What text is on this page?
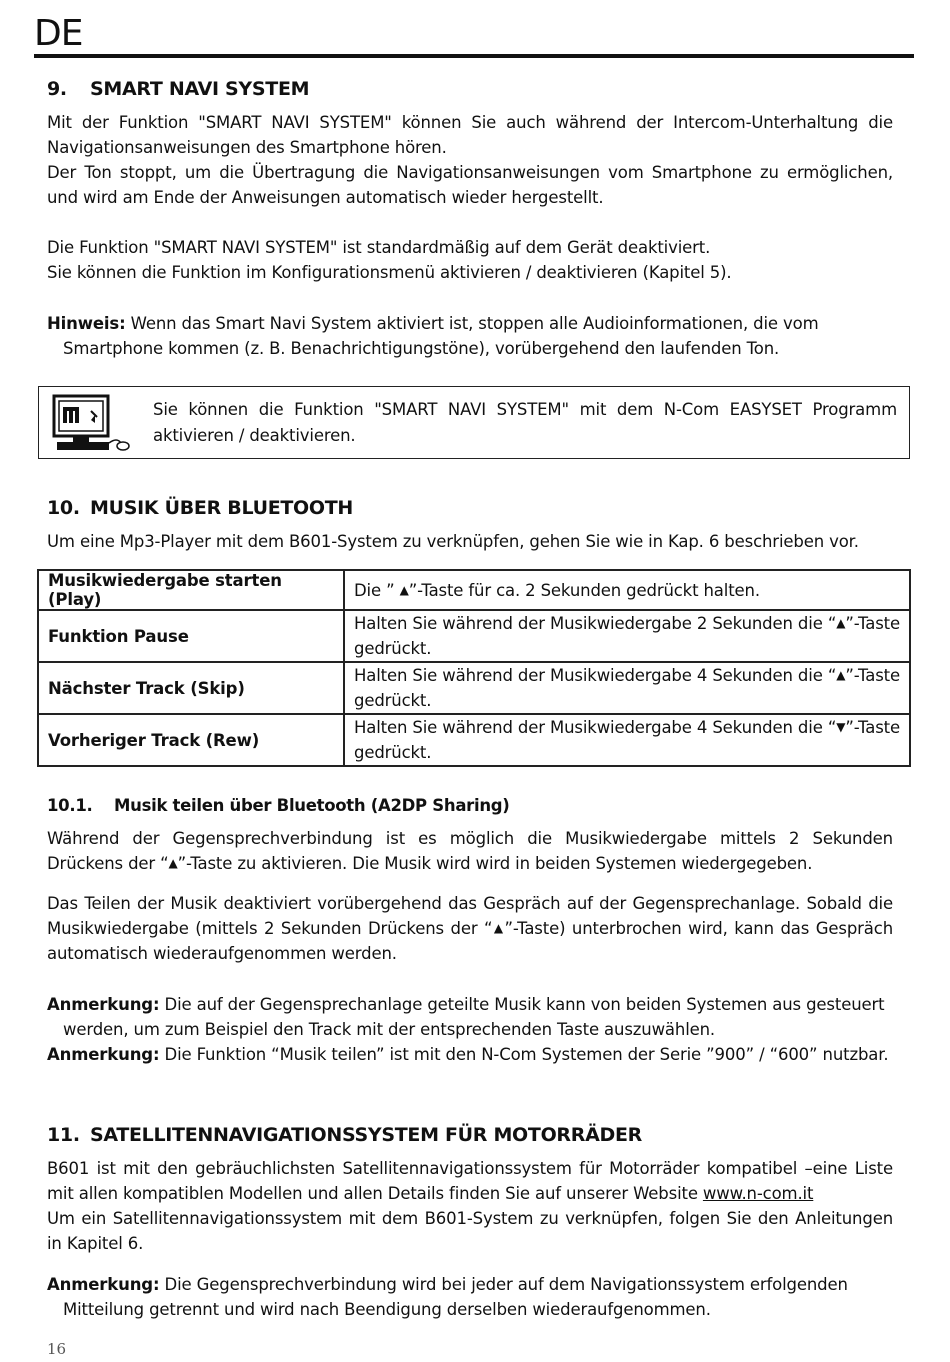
DE
9. SMART NAVI SYSTEM
Mit der Funktion "SMART NAVI SYSTEM" können Sie auch während der Intercom-Unterhaltung die Navigationsanweisungen des Smartphone hören.
Der Ton stoppt, um die Übertragung die Navigationsanweisungen vom Smartphone zu ermöglichen, und wird am Ende der Anweisungen automatisch wieder hergestellt.
Die Funktion "SMART NAVI SYSTEM" ist standardmäßig auf dem Gerät deaktiviert.
Sie können die Funktion im Konfigurationsmenü aktivieren / deaktivieren (Kapitel 5).
Hinweis: Wenn das Smart Navi System aktiviert ist, stoppen alle Audioinformationen, die vom
Smartphone kommen (z. B. Benachrichtigungstöne), vorübergehend den laufenden Ton.
Sie können die Funktion "SMART NAVI SYSTEM" mit dem N-Com EASYSET Programm aktivieren / deaktivieren.
10. MUSIK ÜBER BLUETOOTH
Um eine Mp3-Player mit dem B601-System zu verknüpfen, gehen Sie wie in Kap. 6 beschrieben vor.
Musikwiedergabe starten (Play)	Die ” ▲”-Taste für ca. 2 Sekunden gedrückt halten.
Funktion Pause	Halten Sie während der Musikwiedergabe 2 Sekunden die “▲”-Taste gedrückt.
Nächster Track (Skip)	Halten Sie während der Musikwiedergabe 4 Sekunden die “▲”-Taste gedrückt.
Vorheriger Track (Rew)	Halten Sie während der Musikwiedergabe 4 Sekunden die “▼”-Taste gedrückt.
10.1. Musik teilen über Bluetooth (A2DP Sharing)
Während der Gegensprechverbindung ist es möglich die Musikwiedergabe mittels 2 Sekunden Drückens der “▲”-Taste zu aktivieren. Die Musik wird wird in beiden Systemen wiedergegeben.
Das Teilen der Musik deaktiviert vorübergehend das Gespräch auf der Gegensprechanlage. Sobald die Musikwiedergabe (mittels 2 Sekunden Drückens der “▲”-Taste) unterbrochen wird, kann das Gespräch automatisch wiederaufgenommen werden.
Anmerkung: Die auf der Gegensprechanlage geteilte Musik kann von beiden Systemen aus gesteuert
werden, um zum Beispiel den Track mit der entsprechenden Taste auszuwählen.
Anmerkung: Die Funktion “Musik teilen” ist mit den N-Com Systemen der Serie ”900” / “600” nutzbar.
11. SATELLITENNAVIGATIONSSYSTEM FÜR MOTORRÄDER
B601 ist mit den gebräuchlichsten Satellitennavigationssystem für Motorräder kompatibel –eine Liste mit allen kompatiblen Modellen und allen Details finden Sie auf unserer Website www.n-com.it
Um ein Satellitennavigationssystem mit dem B601-System zu verknüpfen, folgen Sie den Anleitungen in Kapitel 6.
Anmerkung: Die Gegensprechverbindung wird bei jeder auf dem Navigationssystem erfolgenden
Mitteilung getrennt und wird nach Beendigung derselben wiederaufgenommen.
16
